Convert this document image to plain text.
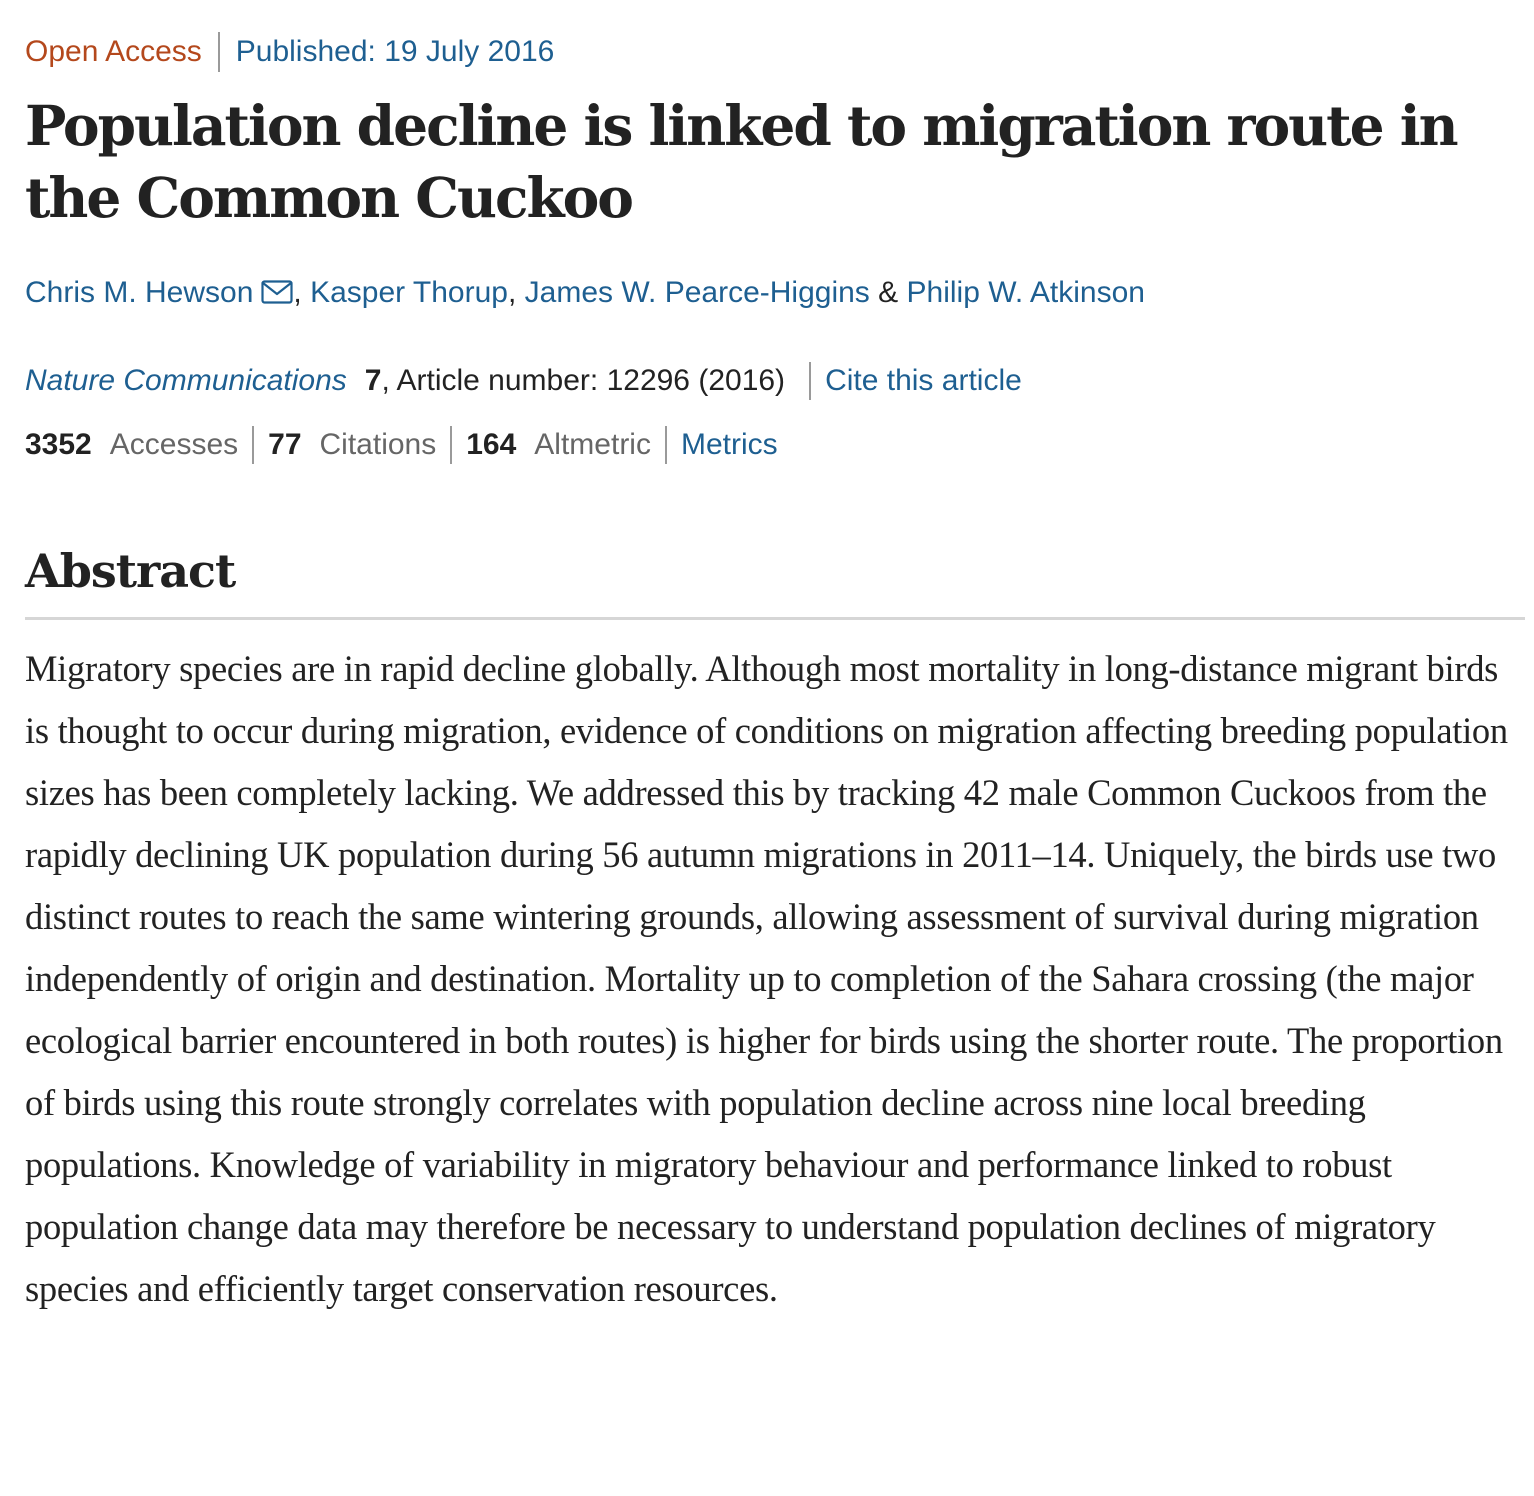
Open Access Published: 19 July 2016
Population decline is linked to migration route in the Common Cuckoo
Chris M. Hewson , Kasper Thorup, James W. Pearce-Higgins & Philip W. Atkinson
Nature Communications 7 , Article number: 12296 (2016) Cite this article
3352 Accesses 77 Citations 164 Altmetric Metrics
Abstract

Migratory species are in rapid decline globally. Although most mortality in long-distance migrant birds is thought to occur during migration, evidence of conditions on migration affecting breeding population sizes has been completely lacking. We addressed this by tracking 42 male Common Cuckoos from the rapidly declining UK population during 56 autumn migrations in 2011–14. Uniquely, the birds use two distinct routes to reach the same wintering grounds, allowing assessment of survival during migration independently of origin and destination. Mortality up to completion of the Sahara crossing (the major ecological barrier encountered in both routes) is higher for birds using the shorter route. The proportion of birds using this route strongly correlates with population decline across nine local breeding populations. Knowledge of variability in migratory behaviour and performance linked to robust population change data may therefore be necessary to understand population declines of migratory species and efficiently target conservation resources.
